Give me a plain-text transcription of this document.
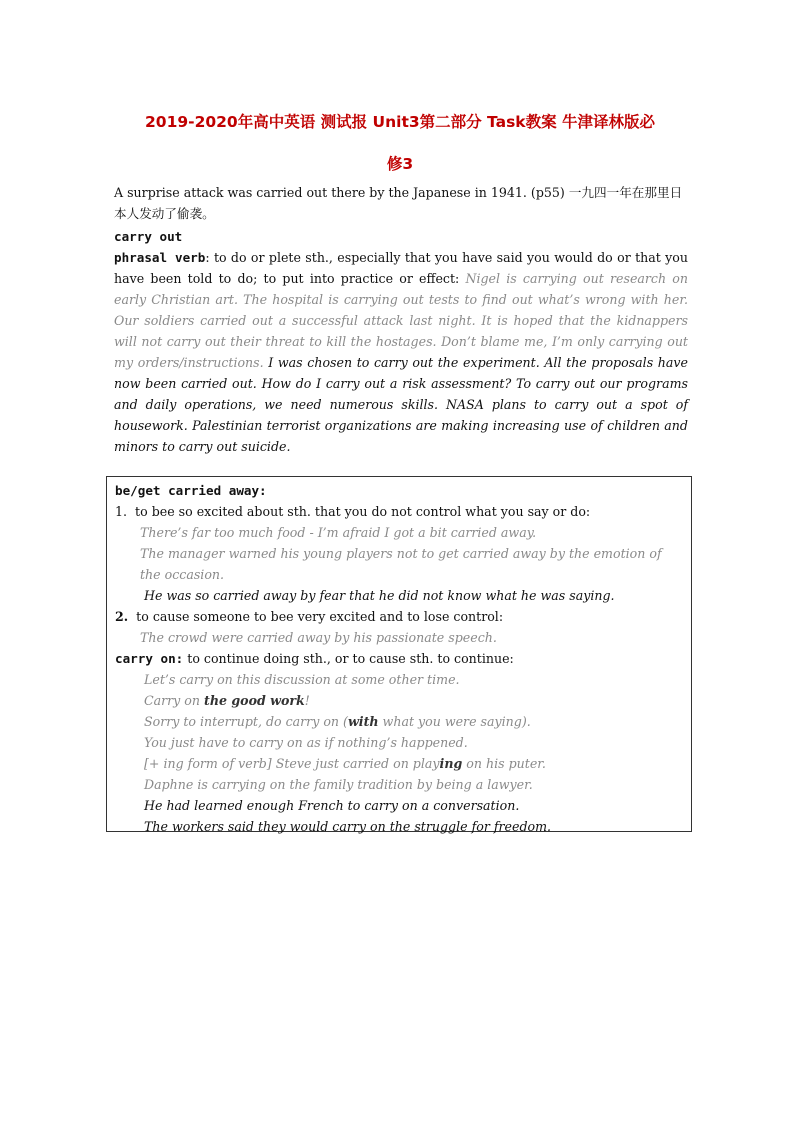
2019-2020年高中英语 测试报 Unit3第二部分 Task教案 牛津译林版必
修3
A surprise attack was carried out there by the Japanese in 1941. (p55) 一九四一年在那里日本人发动了偷袭。
carry out
phrasal verb: to do or plete sth., especially that you have said you would do or that you have been told to do; to put into practice or effect: Nigel is carrying out research on early Christian art. The hospital is carrying out tests to find out what’s wrong with her. Our soldiers carried out a successful attack last night. It is hoped that the kidnappers will not carry out their threat to kill the hostages. Don’t blame me, I’m only carrying out my orders/instructions. I was chosen to carry out the experiment. All the proposals have now been carried out. How do I carry out a risk assessment? To carry out our programs and daily operations, we need numerous skills. NASA plans to carry out a spot of housework. Palestinian terrorist organizations are making increasing use of children and minors to carry out suicide.
be/get carried away:
1. to bee so excited about sth. that you do not control what you say or do:
There’s far too much food - I’m afraid I got a bit carried away.
The manager warned his young players not to get carried away by the emotion of the occasion.
He was so carried away by fear that he did not know what he was saying.
2. to cause someone to bee very excited and to lose control:
The crowd were carried away by his passionate speech.
carry on: to continue doing sth., or to cause sth. to continue:
Let’s carry on this discussion at some other time.
Carry on the good work!
Sorry to interrupt, do carry on (with what you were saying).
You just have to carry on as if nothing’s happened.
[+ ing form of verb] Steve just carried on playing on his puter.
Daphne is carrying on the family tradition by being a lawyer.
He had learned enough French to carry on a conversation.
The workers said they would carry on the struggle for freedom.
